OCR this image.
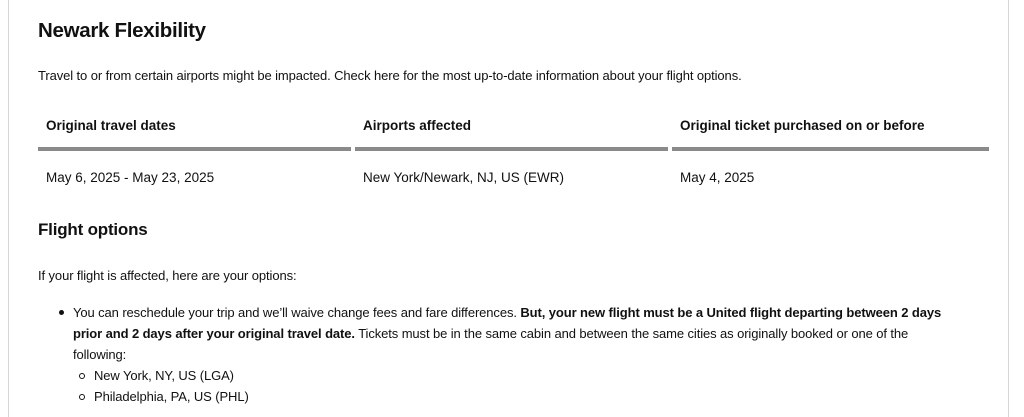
Newark Flexibility

Travel to or from certain airports might be impacted. Check here for the most up-to-date information about your flight options.

Original travel dates	Airports affected	Original ticket purchased on or before
May 6, 2025 - May 23, 2025	New York/Newark, NJ, US (EWR)	May 4, 2025
Flight options

If your flight is affected, here are your options:

You can reschedule your trip and we’ll waive change fees and fare differences. But, your new flight must be a United flight departing between 2 days prior and 2 days after your original travel date. Tickets must be in the same cabin and between the same cities as originally booked or one of the following:
New York, NY, US (LGA)
Philadelphia, PA, US (PHL)
